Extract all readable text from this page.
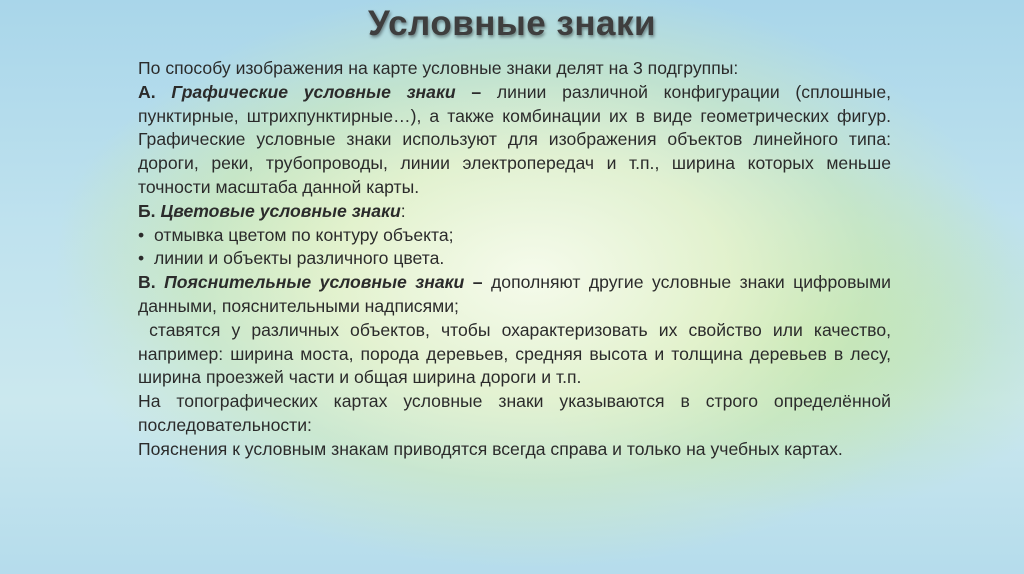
Условные знаки

По способу изображения на карте условные знаки делят на 3 подгруппы:

А. Графические условные знаки – линии различной конфигурации (сплошные, пунктирные, штрихпунктирные…), а также комбинации их в виде геометрических фигур. Графические условные знаки используют для изображения объектов линейного типа: дороги, реки, трубопроводы, линии электропередач и т.п., ширина которых меньше точности масштаба данной карты.

Б. Цветовые условные знаки:

• отмывка цветом по контуру объекта;

• линии и объекты различного цвета.

В. Пояснительные условные знаки – дополняют другие условные знаки цифровыми данными, пояснительными надписями;

ставятся у различных объектов, чтобы охарактеризовать их свойство или качество, например: ширина моста, порода деревьев, средняя высота и толщина деревьев в лесу, ширина проезжей части и общая ширина дороги и т.п.

На топографических картах условные знаки указываются в строго определённой последовательности:

Пояснения к условным знакам приводятся всегда справа и только на учебных картах.
